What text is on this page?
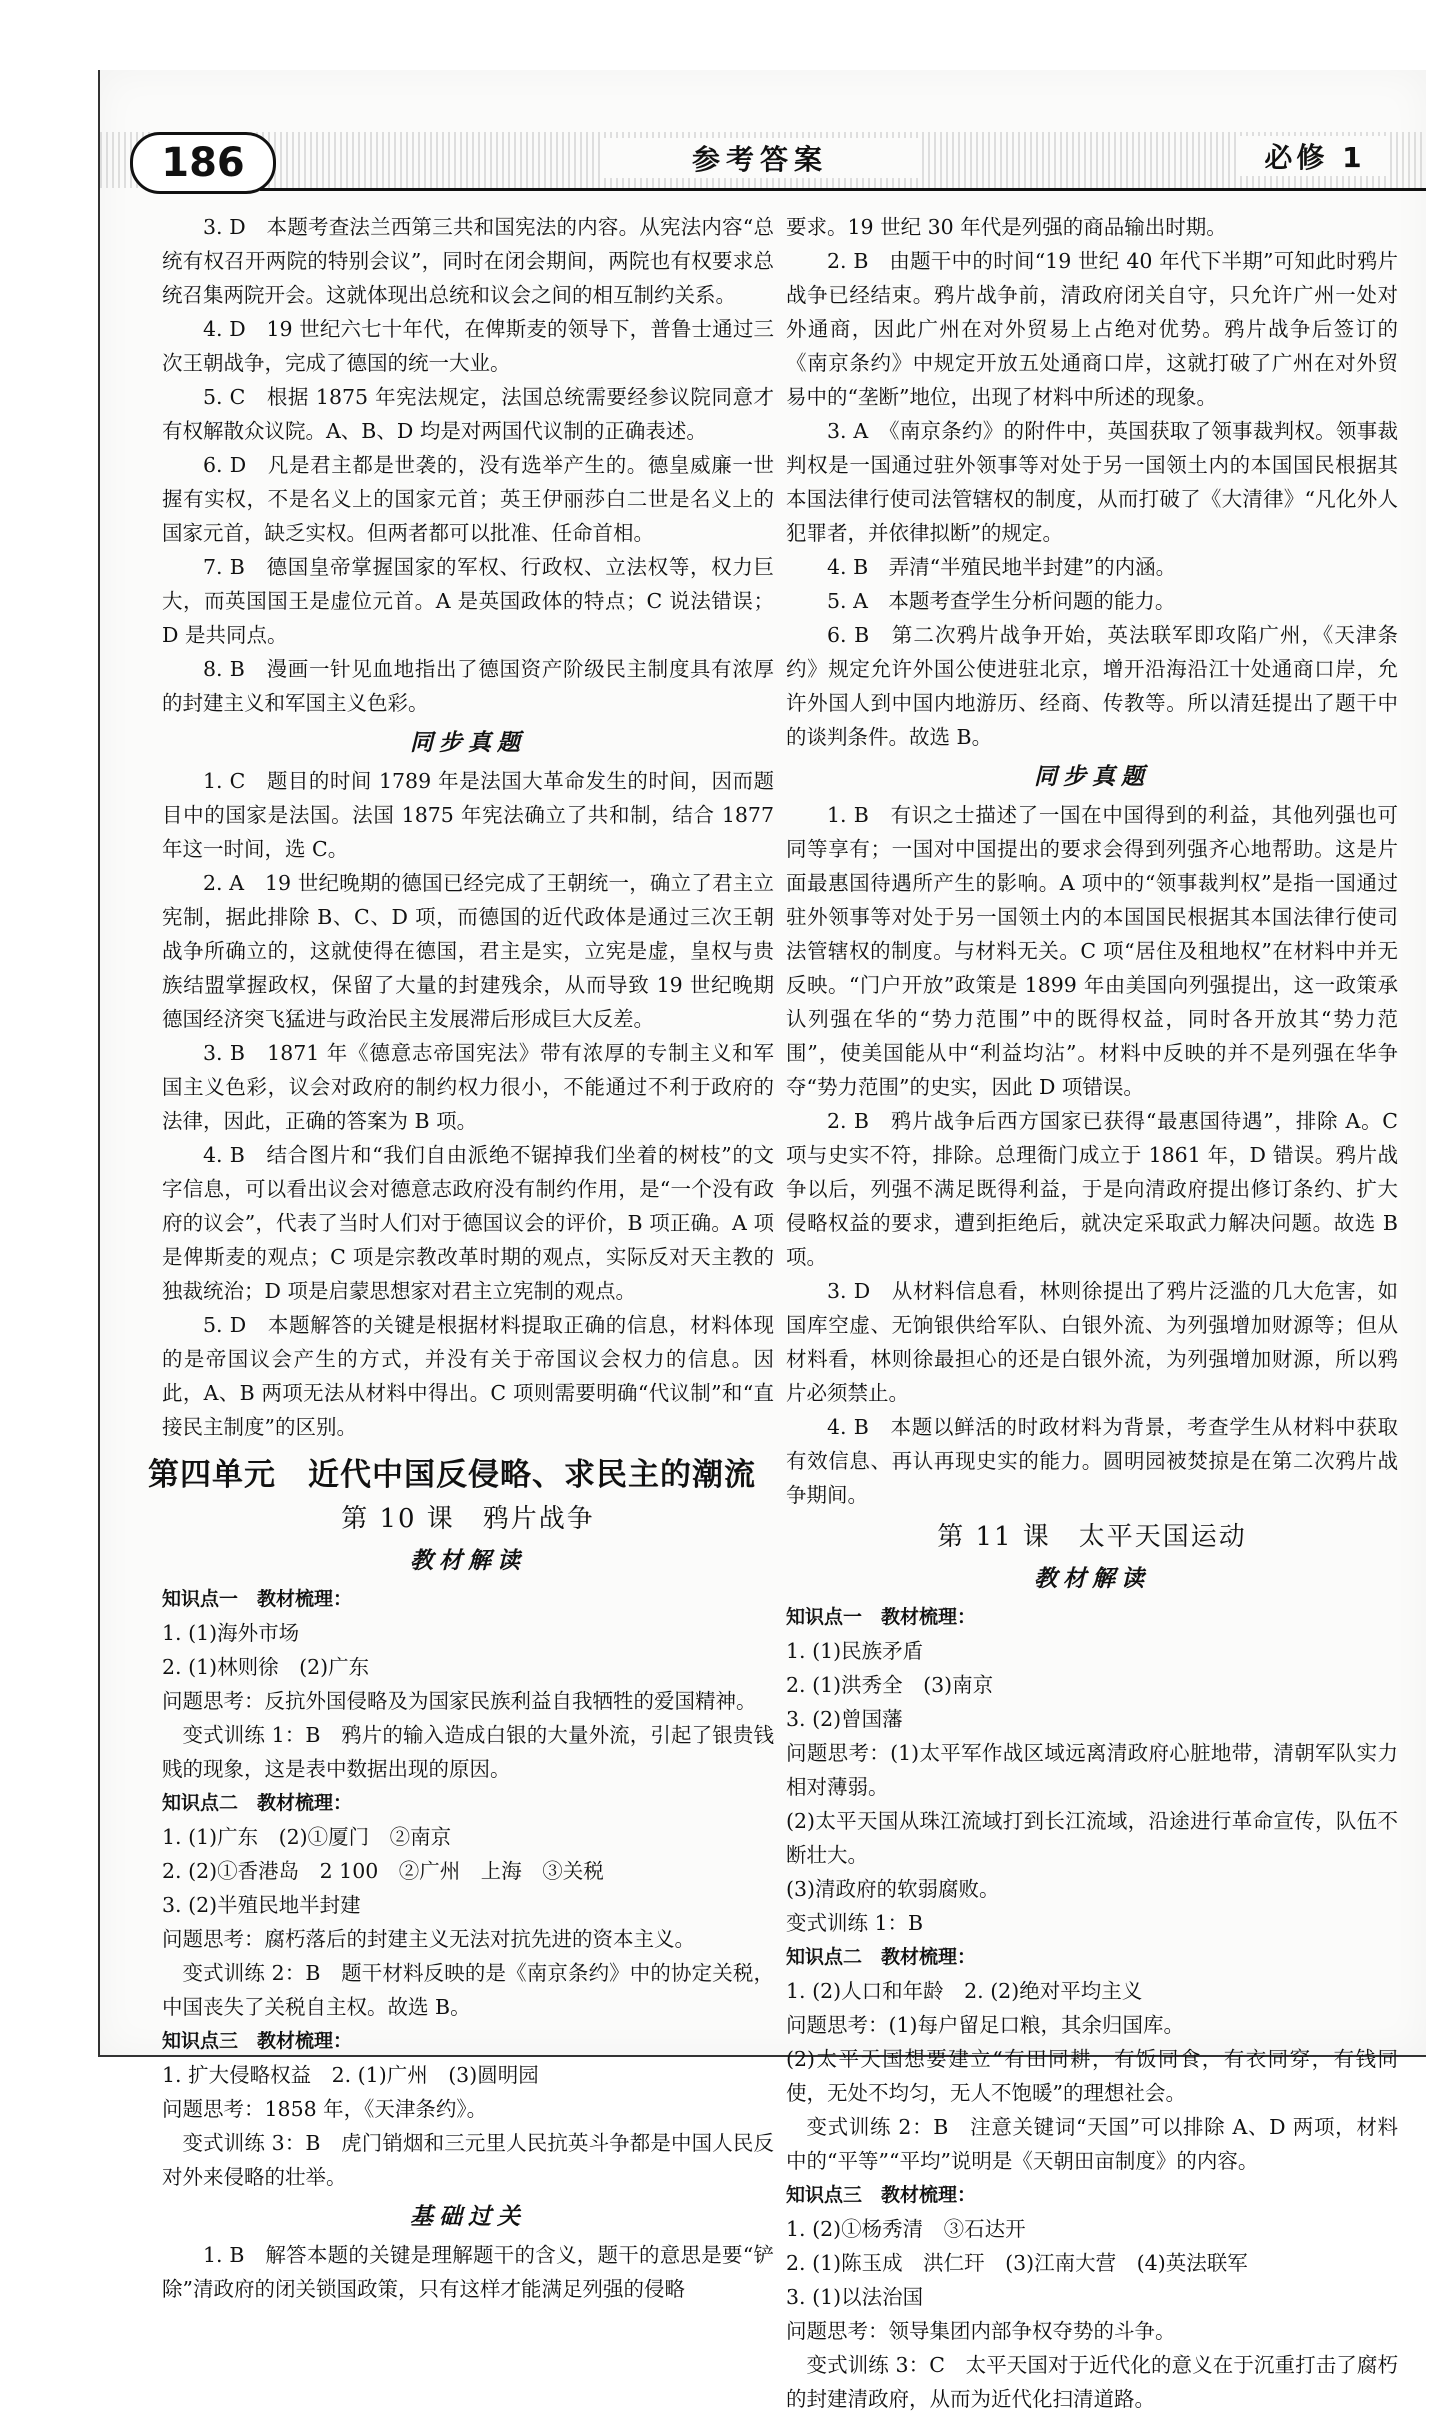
186	参考答案	必修 1

3. D　本题考查法兰西第三共和国宪法的内容。从宪法内容“总统有权召开两院的特别会议”，同时在闭会期间，两院也有权要求总统召集两院开会。这就体现出总统和议会之间的相互制约关系。

4. D　19 世纪六七十年代，在俾斯麦的领导下，普鲁士通过三次王朝战争，完成了德国的统一大业。

5. C　根据 1875 年宪法规定，法国总统需要经参议院同意才有权解散众议院。A、B、D 均是对两国代议制的正确表述。

6. D　凡是君主都是世袭的，没有选举产生的。德皇威廉一世握有实权，不是名义上的国家元首；英王伊丽莎白二世是名义上的国家元首，缺乏实权。但两者都可以批准、任命首相。

7. B　德国皇帝掌握国家的军权、行政权、立法权等，权力巨大，而英国国王是虚位元首。A 是英国政体的特点；C 说法错误；D 是共同点。

8. B　漫画一针见血地指出了德国资产阶级民主制度具有浓厚的封建主义和军国主义色彩。

同步真题

1. C　题目的时间 1789 年是法国大革命发生的时间，因而题目中的国家是法国。法国 1875 年宪法确立了共和制，结合 1877 年这一时间，选 C。

2. A　19 世纪晚期的德国已经完成了王朝统一，确立了君主立宪制，据此排除 B、C、D 项，而德国的近代政体是通过三次王朝战争所确立的，这就使得在德国，君主是实，立宪是虚，皇权与贵族结盟掌握政权，保留了大量的封建残余，从而导致 19 世纪晚期德国经济突飞猛进与政治民主发展滞后形成巨大反差。

3. B　1871 年《德意志帝国宪法》带有浓厚的专制主义和军国主义色彩，议会对政府的制约权力很小，不能通过不利于政府的法律，因此，正确的答案为 B 项。

4. B　结合图片和“我们自由派绝不锯掉我们坐着的树枝”的文字信息，可以看出议会对德意志政府没有制约作用，是“一个没有政府的议会”，代表了当时人们对于德国议会的评价，B 项正确。A 项是俾斯麦的观点；C 项是宗教改革时期的观点，实际反对天主教的独裁统治；D 项是启蒙思想家对君主立宪制的观点。

5. D　本题解答的关键是根据材料提取正确的信息，材料体现的是帝国议会产生的方式，并没有关于帝国议会权力的信息。因此，A、B 两项无法从材料中得出。C 项则需要明确“代议制”和“直接民主制度”的区别。

第四单元　近代中国反侵略、求民主的潮流
第 10 课　鸦片战争
教材解读

知识点一　教材梳理：

1. (1)海外市场

2. (1)林则徐　(2)广东

问题思考：反抗外国侵略及为国家民族利益自我牺牲的爱国精神。

变式训练 1：B　鸦片的输入造成白银的大量外流，引起了银贵钱贱的现象，这是表中数据出现的原因。

知识点二　教材梳理：

1. (1)广东　(2)①厦门　②南京

2. (2)①香港岛　2 100　②广州　上海　③关税

3. (2)半殖民地半封建

问题思考：腐朽落后的封建主义无法对抗先进的资本主义。

变式训练 2：B　题干材料反映的是《南京条约》中的协定关税，中国丧失了关税自主权。故选 B。

知识点三　教材梳理：

1. 扩大侵略权益　2. (1)广州　(3)圆明园

问题思考：1858 年，《天津条约》。

变式训练 3：B　虎门销烟和三元里人民抗英斗争都是中国人民反对外来侵略的壮举。

基础过关

1. B　解答本题的关键是理解题干的含义，题干的意思是要“铲除”清政府的闭关锁国政策，只有这样才能满足列强的侵略

要求。19 世纪 30 年代是列强的商品输出时期。

2. B　由题干中的时间“19 世纪 40 年代下半期”可知此时鸦片战争已经结束。鸦片战争前，清政府闭关自守，只允许广州一处对外通商，因此广州在对外贸易上占绝对优势。鸦片战争后签订的《南京条约》中规定开放五处通商口岸，这就打破了广州在对外贸易中的“垄断”地位，出现了材料中所述的现象。

3. A　《南京条约》的附件中，英国获取了领事裁判权。领事裁判权是一国通过驻外领事等对处于另一国领土内的本国国民根据其本国法律行使司法管辖权的制度，从而打破了《大清律》“凡化外人犯罪者，并依律拟断”的规定。

4. B　弄清“半殖民地半封建”的内涵。

5. A　本题考查学生分析问题的能力。

6. B　第二次鸦片战争开始，英法联军即攻陷广州，《天津条约》规定允许外国公使进驻北京，增开沿海沿江十处通商口岸，允许外国人到中国内地游历、经商、传教等。所以清廷提出了题干中的谈判条件。故选 B。

同步真题

1. B　有识之士描述了一国在中国得到的利益，其他列强也可同等享有；一国对中国提出的要求会得到列强齐心地帮助。这是片面最惠国待遇所产生的影响。A 项中的“领事裁判权”是指一国通过驻外领事等对处于另一国领土内的本国国民根据其本国法律行使司法管辖权的制度。与材料无关。C 项“居住及租地权”在材料中并无反映。“门户开放”政策是 1899 年由美国向列强提出，这一政策承认列强在华的“势力范围”中的既得权益，同时各开放其“势力范围”，使美国能从中“利益均沾”。材料中反映的并不是列强在华争夺“势力范围”的史实，因此 D 项错误。

2. B　鸦片战争后西方国家已获得“最惠国待遇”，排除 A。C 项与史实不符，排除。总理衙门成立于 1861 年，D 错误。鸦片战争以后，列强不满足既得利益，于是向清政府提出修订条约、扩大侵略权益的要求，遭到拒绝后，就决定采取武力解决问题。故选 B 项。

3. D　从材料信息看，林则徐提出了鸦片泛滥的几大危害，如国库空虚、无饷银供给军队、白银外流、为列强增加财源等；但从材料看，林则徐最担心的还是白银外流，为列强增加财源，所以鸦片必须禁止。

4. B　本题以鲜活的时政材料为背景，考查学生从材料中获取有效信息、再认再现史实的能力。圆明园被焚掠是在第二次鸦片战争期间。

第 11 课　太平天国运动
教材解读

知识点一　教材梳理：

1. (1)民族矛盾

2. (1)洪秀全　(3)南京

3. (2)曾国藩

问题思考：(1)太平军作战区域远离清政府心脏地带，清朝军队实力相对薄弱。

(2)太平天国从珠江流域打到长江流域，沿途进行革命宣传，队伍不断壮大。

(3)清政府的软弱腐败。

变式训练 1：B

知识点二　教材梳理：

1. (2)人口和年龄　2. (2)绝对平均主义

问题思考：(1)每户留足口粮，其余归国库。

(2)太平天国想要建立“有田同耕，有饭同食，有衣同穿，有钱同使，无处不均匀，无人不饱暖”的理想社会。

变式训练 2：B　注意关键词“天国”可以排除 A、D 两项，材料中的“平等”“平均”说明是《天朝田亩制度》的内容。

知识点三　教材梳理：

1. (2)①杨秀清　③石达开

2. (1)陈玉成　洪仁玕　(3)江南大营　(4)英法联军

3. (1)以法治国

问题思考：领导集团内部争权夺势的斗争。

变式训练 3：C　太平天国对于近代化的意义在于沉重打击了腐朽的封建清政府，从而为近代化扫清道路。
